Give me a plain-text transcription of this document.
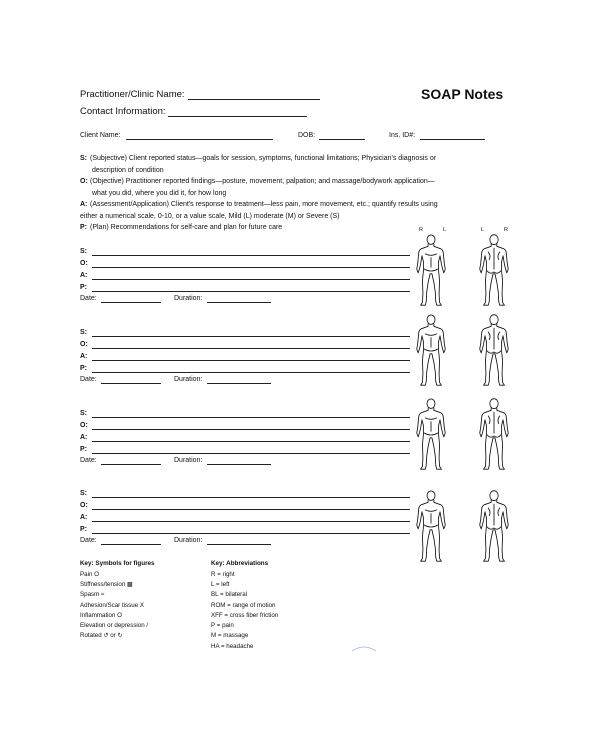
Practitioner/Clinic Name:	SOAP Notes
Contact Information:
Client Name:	DOB:	Ins. ID#:
S: (Subjective) Client reported status—goals for session, symptoms, functional limitations; Physician's diagnosis or
description of condition
O: (Objective) Practitioner reported findings—posture, movement, palpation; and massage/bodywork application—
what you did, where you did it, for how long
A: (Assessment/Application) Client's response to treatment—less pain, more movement, etc.; quantify results using
either a numerical scale, 0-10, or a value scale, Mild (L) moderate (M) or Severe (S)
P: (Plan) Recommendations for self-care and plan for future care	R	L	L	R
S:
O:
A:
P:
Date:	Duration:
S:
O:
A:
P:
Date:	Duration:
S:
O:
A:
P:
Date:	Duration:
S:
O:
A:
P:
Date:	Duration:
Key: Symbols for figures
Pain O
Stiffness/tension ▩
Spasm ≈
Adhesion/Scar tissue X
Inflammation O
Elevation or depression /
Rotated ↺ or ↻
Key: Abbreviations
R = right
L = left
BL = bilateral
ROM = range of motion
XFF = cross fiber friction
P = pain
M = massage
HA = headache
